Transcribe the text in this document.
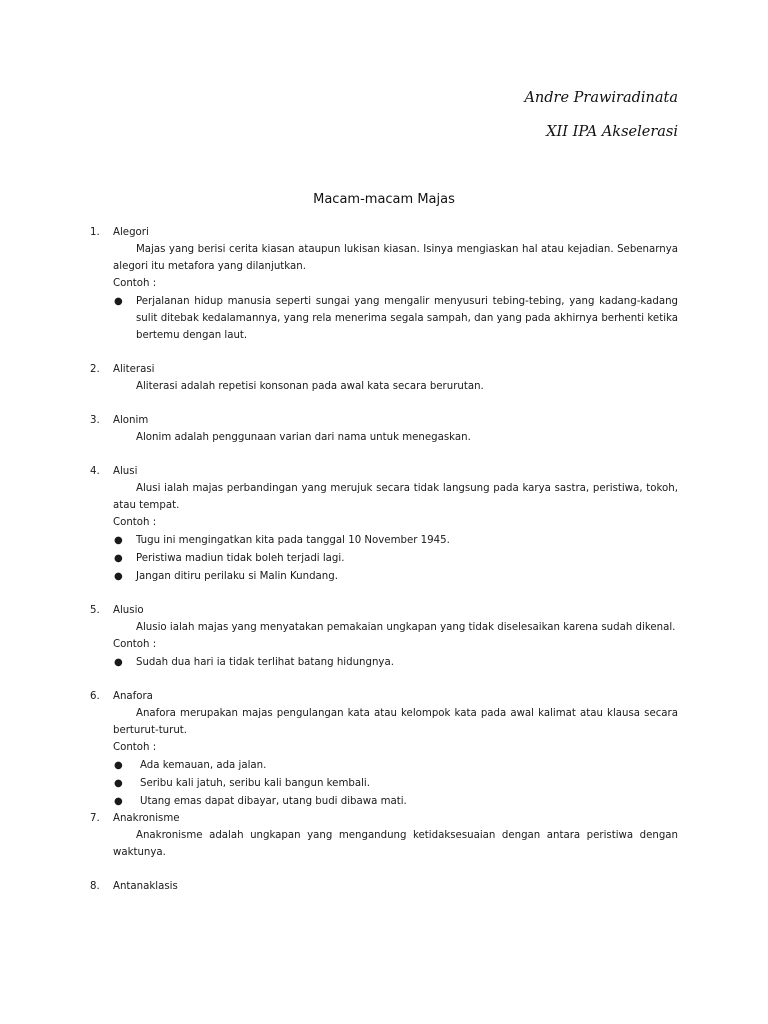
Andre Prawiradinata
XII IPA Akselerasi
Macam-macam Majas
1.	Alegori
Majas yang berisi cerita kiasan ataupun lukisan kiasan. Isinya mengiaskan hal atau kejadian. Sebenarnya alegori itu metafora yang dilanjutkan.
Contoh :
● Perjalanan hidup manusia seperti sungai yang mengalir menyusuri tebing-tebing, yang kadang-kadang sulit ditebak kedalamannya, yang rela menerima segala sampah, dan yang pada akhirnya berhenti ketika bertemu dengan laut.
2.	Aliterasi
Aliterasi adalah repetisi konsonan pada awal kata secara berurutan.
3.	Alonim
Alonim adalah penggunaan varian dari nama untuk menegaskan.
4.	Alusi
Alusi ialah majas perbandingan yang merujuk secara tidak langsung pada karya sastra, peristiwa, tokoh, atau tempat.
Contoh :
● Tugu ini mengingatkan kita pada tanggal 10 November 1945.
● Peristiwa madiun tidak boleh terjadi lagi.
● Jangan ditiru perilaku si Malin Kundang.
5.	Alusio
Alusio ialah majas yang menyatakan pemakaian ungkapan yang tidak diselesaikan karena sudah dikenal.
Contoh :
● Sudah dua hari ia tidak terlihat batang hidungnya.
6.	Anafora
Anafora merupakan majas pengulangan kata atau kelompok kata pada awal kalimat atau klausa secara berturut-turut.
Contoh :
● Ada kemauan, ada jalan.
● Seribu kali jatuh, seribu kali bangun kembali.
● Utang emas dapat dibayar, utang budi dibawa mati.
7.	Anakronisme
Anakronisme adalah ungkapan yang mengandung ketidaksesuaian dengan antara peristiwa dengan waktunya.
8.	Antanaklasis
